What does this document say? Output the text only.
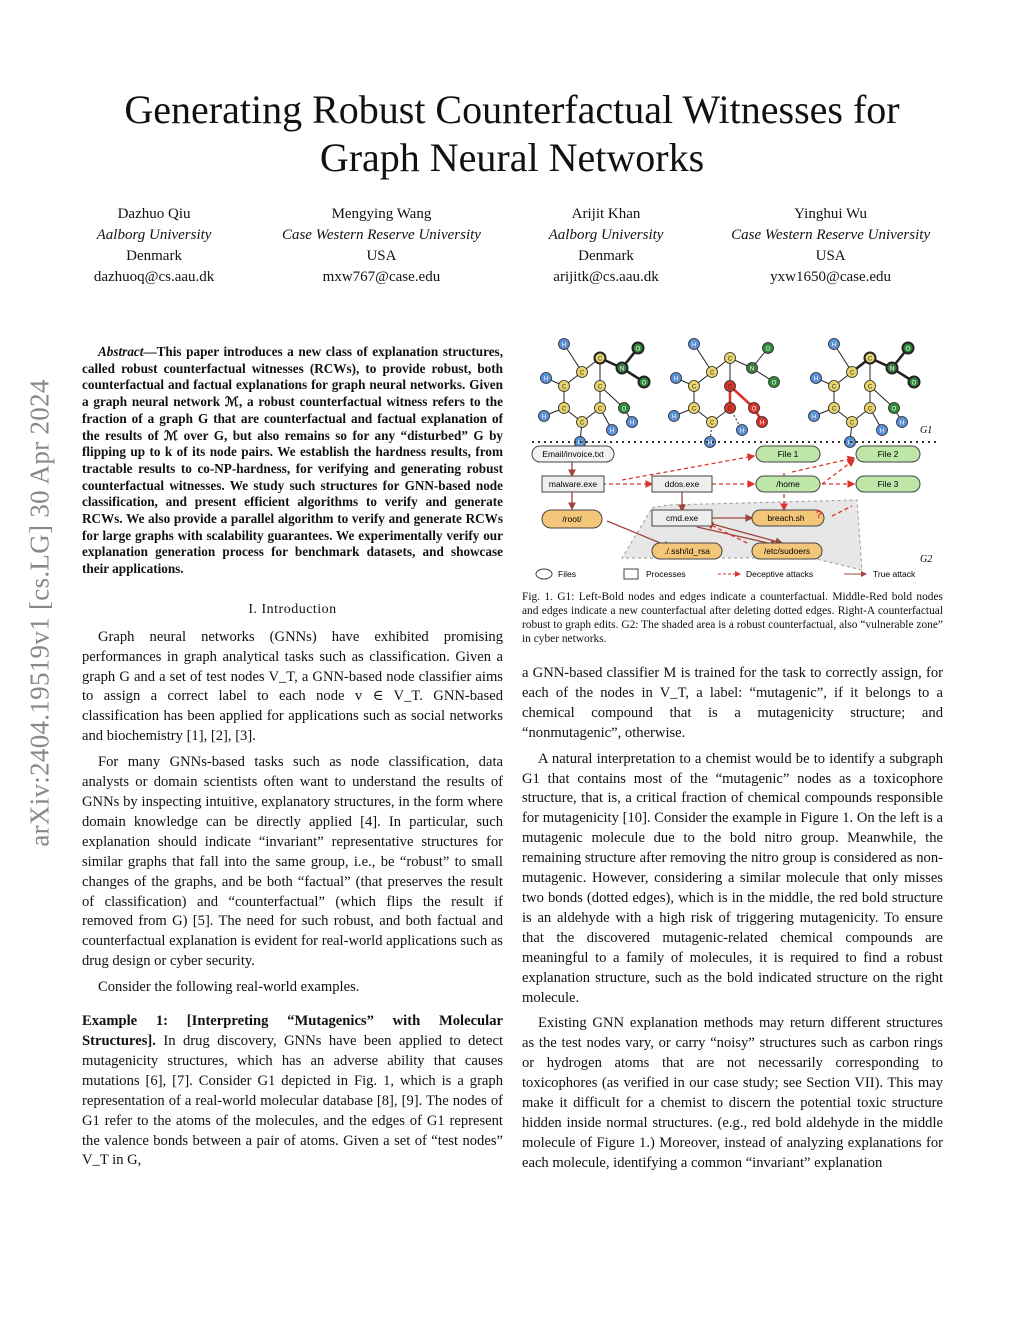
Generating Robust Counterfactual Witnesses for
Graph Neural Networks
Dazhuo Qiu
Aalborg University
Denmark
dazhuoq@cs.aau.dk
Mengying Wang
Case Western Reserve University
USA
mxw767@case.edu
Arijit Khan
Aalborg University
Denmark
arijitk@cs.aau.dk
Yinghui Wu
Case Western Reserve University
USA
yxw1650@case.edu
arXiv:2404.19519v1 [cs.LG] 30 Apr 2024

Abstract—This paper introduces a new class of explanation structures, called robust counterfactual witnesses (RCWs), to provide robust, both counterfactual and factual explanations for graph neural networks. Given a graph neural network ℳ, a robust counterfactual witness refers to the fraction of a graph G that are counterfactual and factual explanation of the results of ℳ over G, but also remains so for any “disturbed” G by flipping up to k of its node pairs. We establish the hardness results, from tractable results to co-NP-hardness, for verifying and generating robust counterfactual witnesses. We study such structures for GNN-based node classification, and present efficient algorithms to verify and generate RCWs. We also provide a parallel algorithm to verify and generate RCWs for large graphs with scalability guarantees. We experimentally verify our explanation generation process for benchmark datasets, and showcase their applications.

I. Introduction

Graph neural networks (GNNs) have exhibited promising performances in graph analytical tasks such as classification. Given a graph G and a set of test nodes V_T, a GNN-based node classifier aims to assign a correct label to each node v ∈ V_T. GNN-based classification has been applied for applications such as social networks and biochemistry [1], [2], [3].

For many GNNs-based tasks such as node classification, data analysts or domain scientists often want to understand the results of GNNs by inspecting intuitive, explanatory structures, in the form where domain knowledge can be directly applied [4]. In particular, such explanation should indicate “invariant” representative structures for similar graphs that fall into the same group, i.e., be “robust” to small changes of the graphs, and be both “factual” (that preserves the result of classification) and “counterfactual” (which flips the result if removed from G) [5]. The need for such robust, and both factual and counterfactual explanation is evident for real-world applications such as drug design or cyber security.

Consider the following real-world examples.

Example 1: [Interpreting “Mutagenics” with Molecular Structures]. In drug discovery, GNNs have been applied to detect mutagenicity structures, which has an adverse ability that causes mutations [6], [7]. Consider G1 depicted in Fig. 1, which is a graph representation of a real-world molecular database [8], [9]. The nodes of G1 refer to the atoms of the molecules, and the edges of G1 represent the valence bonds between a pair of atoms. Given a set of “test nodes” V_T in G,

H
C
C
N
O
O
C
C
C
C
C
H
H
H
H
O
H
H
C
C
N
O
O
C
C
C
C
C
H
H
H
H
O
H
H
C
C
N
O
O
C
C
C
C
C
H
H
H
H
O
H
G1
Email/invoice.txt
/root/
./.ssh/id_rsa	/etc/sudoers
File 1	File 2
File 3
/home
breach.sh ?
malware.exe	ddos.exe
cmd.exe
G2
Files	Processes	Deceptive attacks	True attack
Fig. 1. G1: Left-Bold nodes and edges indicate a counterfactual. Middle-Red bold nodes and edges indicate a new counterfactual after deleting dotted edges. Right-A counterfactual robust to graph edits. G2: The shaded area is a robust counterfactual, also “vulnerable zone” in cyber networks.

a GNN-based classifier M is trained for the task to correctly assign, for each of the nodes in V_T, a label: “mutagenic”, if it belongs to a chemical compound that is a mutagenicity structure; and “nonmutagenic”, otherwise.

A natural interpretation to a chemist would be to identify a subgraph G1 that contains most of the “mutagenic” nodes as a toxicophore structure, that is, a critical fraction of chemical compounds responsible for mutagenicity [10]. Consider the example in Figure 1. On the left is a mutagenic molecule due to the bold nitro group. Meanwhile, the remaining structure after removing the nitro group is considered as non-mutagenic. However, considering a similar molecule that only misses two bonds (dotted edges), which is in the middle, the red bold structure is an aldehyde with a high risk of triggering mutagenicity. To ensure that the discovered mutagenic-related chemical compounds are meaningful to a family of molecules, it is required to find a robust explanation structure, such as the bold indicated structure on the right molecule.

Existing GNN explanation methods may return different structures as the test nodes vary, or carry “noisy” structures such as carbon rings or hydrogen atoms that are not necessarily corresponding to toxicophores (as verified in our case study; see Section VII). This may make it difficult for a chemist to discern the potential toxic structure hidden inside normal structures. (e.g., red bold aldehyde in the middle molecule of Figure 1.) Moreover, instead of analyzing explanations for each molecule, identifying a common “invariant” explanation
